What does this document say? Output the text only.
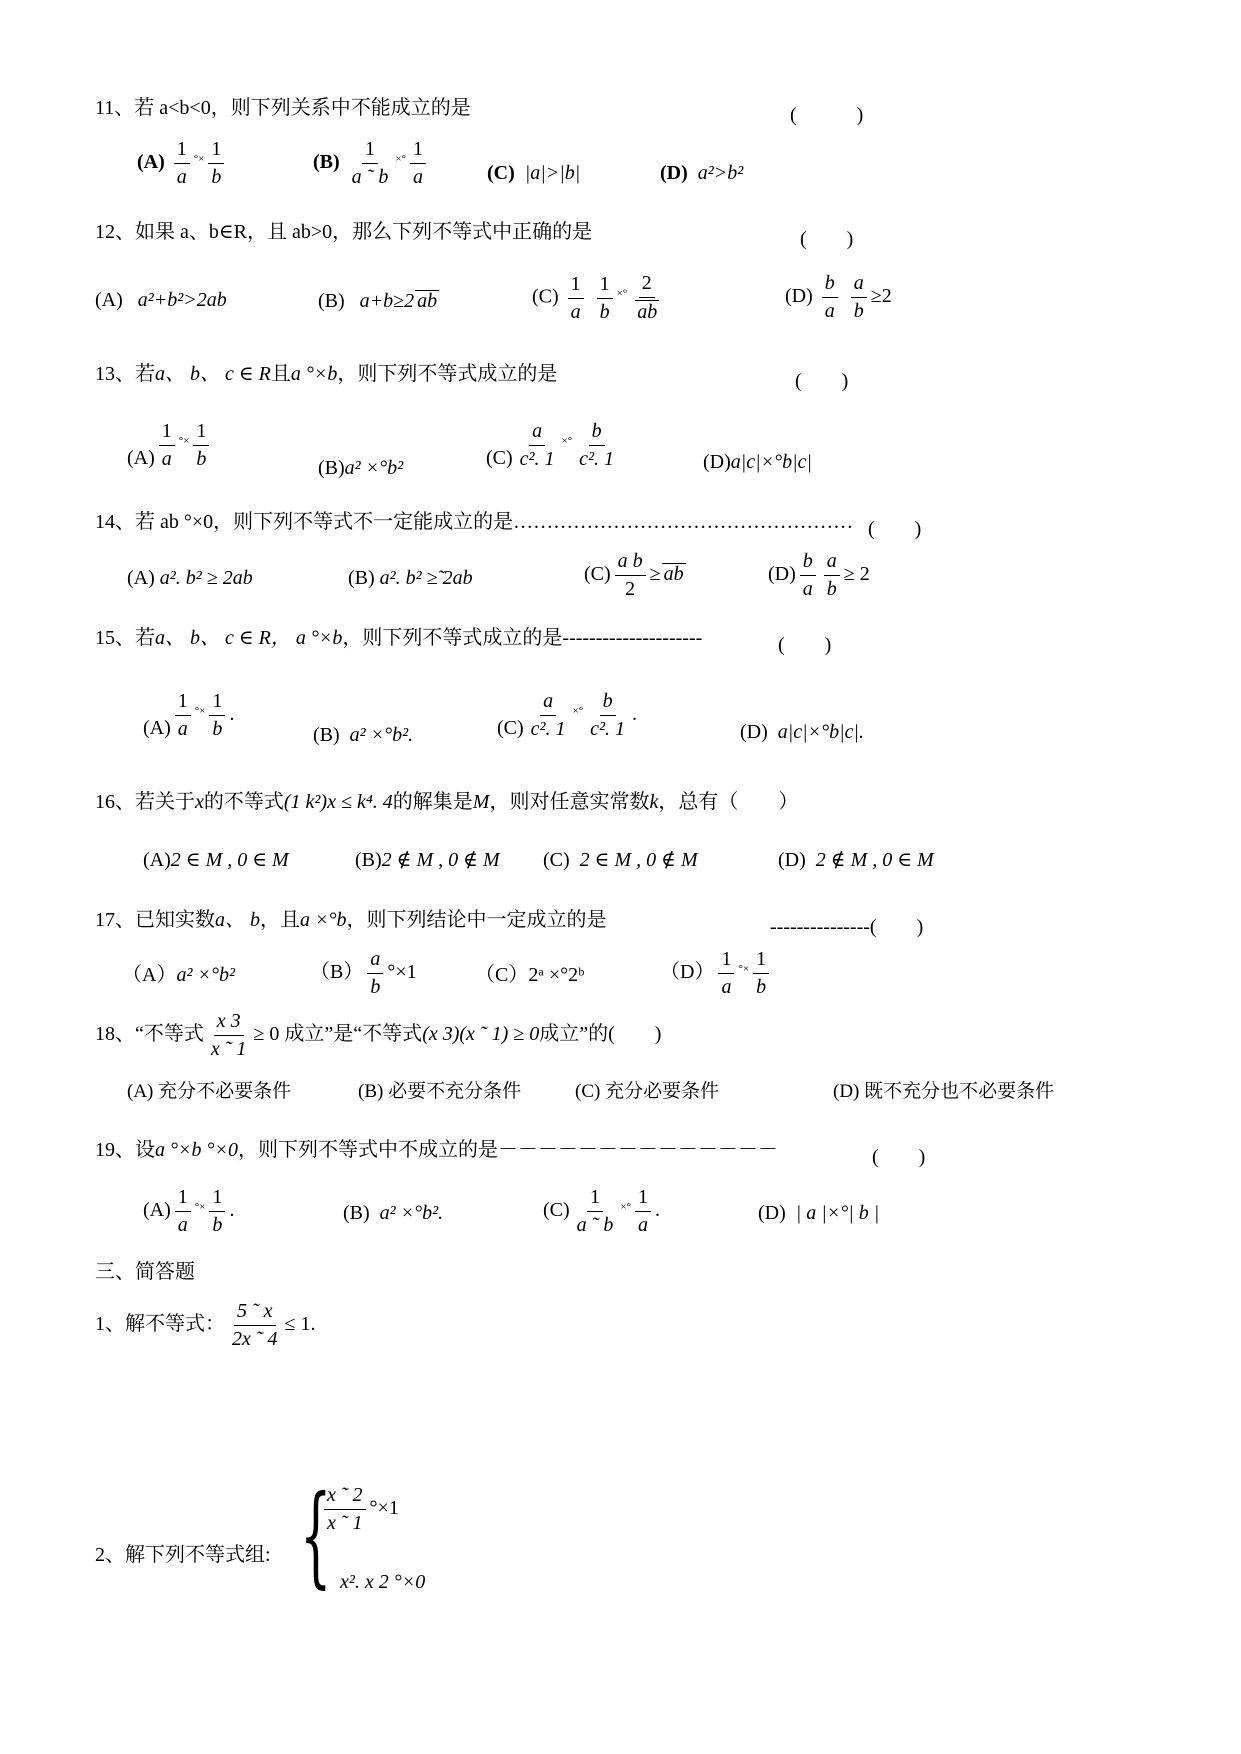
11、若 a<b<0，则下列关系中不能成立的是	(　　　)
$(A) \frac{1}{a} ^{^\circ\times} \frac{1}{b}$	$(B) \frac{1}{a ˜ b} ^{\times^\circ} \frac{1}{a}$	(C) |a|>|b|	(D) a²>b²
12、如果 a、b∈R，且 ab>0，那么下列不等式中正确的是	(　　)
(A) a²+b²>2ab	(B) a+b≥2 ab	$(C) \frac{1}{a}$
$\frac{1}{b} ^{\times^\circ} \frac{2}{ab}$	$(D) \frac{b}{a}$
$\frac{a}{b} \ge 2$
13、若a、 b、 c ∈ R且a °×b，则下列不等式成立的是	(　　)
$(A) \frac{1}{a} ^{^\circ\times} \frac{1}{b}$	(B)a² ×°b²	$(C) \frac{a}{\text{c². 1}} ^{\times^\circ} \frac{b}{\text{c². 1}}$	(D)a|c|×°b|c|
14、若 ab °×0，则下列不等式不一定能成立的是…………………………………………… (　　)
(A) a². b² ≥ 2ab	(B) a². b² ≥̃ 2ab	$(C) \frac{\text{a b}}{2}$ ≥ ab	$(D) \frac{b}{a} \frac{a}{b} \ge 2$
15、若a、 b、 c ∈ R， a °×b，则下列不等式成立的是---------------------	(　　)
$(A) \frac{1}{a} ^{^\circ\times} \frac{1}{b}$ .
(B) a² ×°b².	$(C) \frac{a}{\text{c². 1}} ^{\times^\circ} \frac{b}{\text{c². 1}}$ .
(D) a|c|×°b|c|.
16、若关于x的不等式(1 k²)x ≤ k⁴. 4的解集是M，则对任意实常数k，总有（　　）
(A)2 ∈ M , 0 ∈ M	(B)2 ∉ M , 0 ∉ M (C) 2 ∈ M , 0 ∉ M	(D) 2 ∉ M , 0 ∈ M
17、已知实数a、 b，且a ×°b，则下列结论中一定成立的是	---------------(　　)
（A）a² ×°b²	$(B) \frac{a}{b} ^\circ\times 1$	（C）2ᵃ ×°2ᵇ	$(D) \frac{1}{a} ^{^\circ\times} \frac{1}{b}$
18、“不等式 $\frac{x 3}{x ˜ 1} \ge 0$ 成立”是“不等式(x 3)(x ˜ 1) ≥ 0成立”的(　　)
(A) 充分不必要条件	(B) 必要不充分条件	(C) 充分必要条件	(D) 既不充分也不必要条件
19、设a °×b °×0，则下列不等式中不成立的是－－－－－－－－－－－－－－	(　　)
$(A) \frac{1}{a} ^{^\circ\times} \frac{1}{b}$ .	(B) a² ×°b².	$(C) \frac{1}{a ˜ b} ^{\times^\circ} \frac{1}{a}$ .	(D) | a |×°| b |
三、简答题
1、解不等式： $\frac{5 ˜ x}{2x ˜ 4} \le 1$.
2、解下列不等式组: {
$\frac{x ˜ 2}{x ˜ 1} ^\circ\times 1$
x². x 2 °×0
